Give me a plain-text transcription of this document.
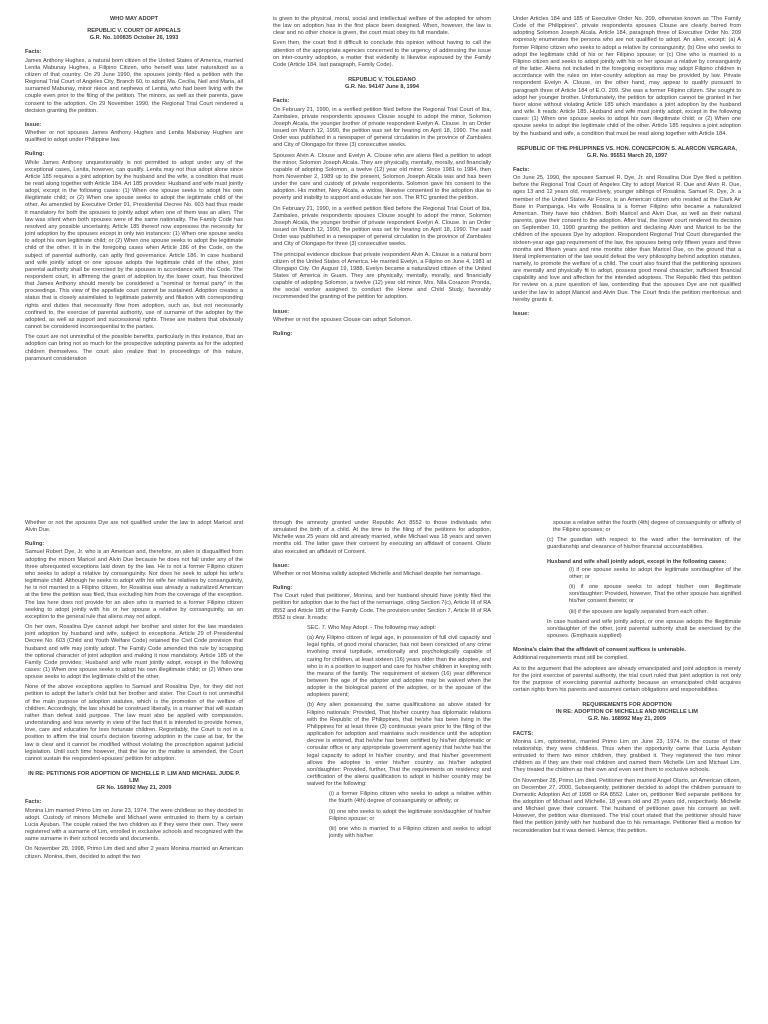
WHO MAY ADOPT

REPUBLIC V. COURT OF APPEALS

G.R. No. 100835 October 26, 1993

Facts:

James Anthony Hughes, a natural born citizen of the United States of America, married Lenita Mabunay Hughes, a Filipino Citizen, who herself was later naturalized as a citizen of that country. On 29 June 1990, the spouses jointly filed a petition with the Regional Trial Court of Angeles City, Branch 60, to adopt Ma. Cecilia, Neil and Maria, all surnamed Mabunay, minor niece and nephews of Lenita, who had been living with the couple even prior to the filing of the petition. The minors, as well as their parents, gave consent to the adoption. On 29 November 1990, the Regional Trial Court rendered a decision granting the petition.

Issue:

Whether or not spouses James Anthony Hughes and Lenita Mabunay Hughes are qualified to adopt under Philippine law.

Ruling:

While James Anthony unquestionably is not permitted to adopt under any of the exceptional cases, Lenita, however, can qualify. Lenita may not thus adopt alone since Article 185 requires a joint adoption by the husband and the wife, a condition that must be read along together with Article 184. Art 185 provides: Husband and wife must jointly adopt, except in the following cases: (1) When one spouse seeks to adopt his own illegitimate child; or (2) When one spouse seeks to adopt the legitimate child of the other. As amended by Executive Order 91, Presidential Decree No. 603 had thus made it mandatory for both the spouses to jointly adopt when one of them was an alien. The law was silent when both spouses were of the same nationality. The Family Code has resolved any possible uncertainty. Article 185 thereof now expresses the necessity for joint adoption by the spouses except in only two instances: (1) When one spouse seeks to adopt his own legitimate child; or (2) When one spouse seeks to adopt the legitimate child of the other. It is in the foregoing cases when Article 186 of the Code, on the subject of parental authority, can aptly find governance. Article 186. In case husband and wife jointly adopt or one spouse adopts the legitimate child of the other, joint parental authority shall be exercised by the spouses in accordance with this Code. The respondent court, in affirming the grant of adoption by the lower court, has theorized that James Anthony should merely be considered a "nominal or formal party" in the proceedings. This view of the appellate court cannot be sustained. Adoption creates a status that is closely assimilated to legitimate paternity and filiation with corresponding rights and duties that necessarily flow from adoption, such as, but not necessarily confined to, the exercise of parental authority, use of surname of the adopter by the adopted, as well as support and successional rights. These are matters that obviously cannot be considered inconsequential to the parties.

The court are not unmindful of the possible benefits, particularly in this instance, that an adoption can bring not so much for the prospective adopting parents as for the adopted children themselves. The court also realize that in proceedings of this nature, paramount consideration

is given to the physical, moral, social and intellectual welfare of the adopted for whom the law on adoption has in the first place been designed. When, however, the law is clear and no other choice is given, the court must obey its full mandate.

Even then, the court find it difficult to conclude this opinion without having to call the attention of the appropriate agencies concerned to the urgency of addressing the issue on inter-country adoption, a matter that evidently is likewise espoused by the Family Code (Article 184, last paragraph, Family Code).

REPUBLIC V. TOLEDANO

G.R. No. 94147 June 8, 1994

Facts:

On February 21, 1990, in a verified petition filed before the Regional Trial Court of Iba, Zambales, private respondents spouses Clouse sought to adopt the minor, Solomon Joseph Alcala, the younger brother of private respondent Evelyn A. Clouse. In an Order issued on March 12, 1990, the petition was set for hearing on April 18, 1990. The said Order was published in a newspaper of general circulation in the province of Zambales and City of Olongapo for three (3) consecutive weeks.

Spouses Alvin A. Clouse and Evelyn A. Clouse who are aliens filed a petition to adopt the minor, Solomon Joseph Alcala. They are physically, mentally, morally, and financially capable of adopting Solomon, a twelve (12) year old minor. Since 1981 to 1984, then from November 2, 1989 up to the present, Solomon Joseph Alcala was and has been under the care and custody of private respondents. Solomon gave his consent to the adoption. His mother, Nery Alcala, a widow, likewise consented to the adoption due to poverty and inability to support and educate her son. The RTC granted the petition.

On February 21, 1990, in a verified petition filed before the Regional Trial Court of Iba, Zambales, private respondents spouses Clouse sought to adopt the minor, Solomon Joseph Alcala, the younger brother of private respondent Evelyn A. Clouse. In an Order issued on March 12, 1990, the petition was set for hearing on April 18, 1990. The said Order was published in a newspaper of general circulation in the province of Zambales and City of Olongapo for three (3) consecutive weeks.

The principal evidence disclose that private respondent Alvin A. Clouse is a natural born citizen of the United States of America. He married Evelyn, a Filipino on June 4, 1981 at Olongapo City. On August 19, 1988, Evelyn became a naturalized citizen of the United States of America in Guam. They are physically, mentally, morally, and financially capable of adopting Solomon, a twelve (12) year old minor. Mrs. Nila Corazon Pronda, the social worker assigned to conduct the Home and Child Study, favorably recommended the granting of the petition for adoption.

Issue:

Whether or not the spouses Clouse can adopt Solomon.

Ruling:

Under Articles 184 and 185 of Executive Order No. 209, otherwise known as "The Family Code of the Philippines", private respondents spouses Clouse are clearly barred from adopting Solomon Joseph Alcala. Article 184, paragraph three of Executive Order No. 209 expressly enumerates the persons who are not qualified to adopt. An alien, except: (a) A former Filipino citizen who seeks to adopt a relative by consanguinity; (b) One who seeks to adopt the legitimate child of his or her Filipino spouse; or (c) One who is married to a Filipino citizen and seeks to adopt jointly with his or her spouse a relative by consanguinity of the latter. Aliens not included in the foregoing exceptions may adopt Filipino children in accordance with the rules on inter-country adoption as may be provided by law. Private respondent Evelyn A. Clouse, on the other hand, may appear to qualify pursuant to paragraph three of Article 184 of E.O. 209. She was a former Filipino citizen. She sought to adopt her younger brother. Unfortunately, the petition for adoption cannot be granted in her favor alone without violating Article 185 which mandates a joint adoption by the husband and wife. It reads: Article 185. Husband and wife must jointly adopt, except in the following cases: (1) When one spouse seeks to adopt his own illegitimate child; or (2) When one spouse seeks to adopt the legitimate child of the other. Article 185 requires a joint adoption by the husband and wife, a condition that must be read along together with Article 184.

REPUBLIC OF THE PHILIPPINES VS. HON. CONCEPCION S. ALARCON VERGARA,

G.R. No. 95551 March 20, 1997

Facts:

On June 25, 1990, the spouses Samuel R. Dye, Jr. and Rosalina Due Dye filed a petition before the Regional Trial Court of Angeles City to adopt Maricel R. Due and Alvin R. Due, ages 13 and 12 years old, respectively, younger siblings of Rosalina. Samuel R. Dye, Jr. a member of the United States Air Force, is an American citizen who resided at the Clark Air Base in Pampanga. His wife Rosalina is a former Filipino who became a naturalized American. They have two children. Both Maricel and Alvin Due, as well as their natural parents, gave their consent to the adoption. After trial, the lower court rendered its decision on September 10, 1990 granting the petition and declaring Alvin and Maricel to be the children of the spouses Dye by adoption. Respondent Regional Trial Court disregarded the sixteen-year age gap requirement of the law, the spouses being only fifteen years and three months and fifteen years and nine months older than Maricel Due, on the ground that a literal implementation of the law would defeat the very philosophy behind adoption statutes, namely, to promote the welfare of a child. The court also found that the petitioning spouses are mentally and physically fit to adopt, possess good moral character, sufficient financial capability and love and affection for the intended adoptees. The Republic filed this petition for review on a pure question of law, contending that the spouses Dye are not qualified under the law to adopt Maricel and Alvin Due. The Court finds the petition meritorious and hereby grants it.

Issue:

Whether or not the spouses Dye are not qualified under the law to adopt Maricel and Alvin Due.

Ruling:

Samuel Robert Dye, Jr. who is an American and, therefore, an alien is disqualified from adopting the minors Maricel and Alvin Due because he does not fall under any of the three aforequoted exceptions laid down by the law. He is not a former Filipino citizen who seeks to adopt a relative by consanguinity. Nor does he seek to adopt his wife's legitimate child. Although he seeks to adopt with his wife her relatives by consanguinity, he is not married to a Filipino citizen, for Rosalina was already a naturalized American at the time the petition was filed, thus excluding him from the coverage of the exception. The law here does not provide for an alien who is married to a former Filipino citizen seeking to adopt jointly with his or her spouse a relative by consanguinity, as an exception to the general rule that aliens may not adopt.

On her own, Rosalina Dye cannot adopt her brother and sister for the law mandates joint adoption by husband and wife, subject to exceptions. Article 29 of Presidential Decree No. 603 (Child and Youth Welfare Code) retained the Civil Code provision that husband and wife may jointly adopt. The Family Code amended this rule by scrapping the optional character of joint adoption and making it now mandatory. Article 185 of the Family Code provides: Husband and wife must jointly adopt, except in the following cases: (1) When one spouse seeks to adopt his own illegitimate child; or (2) When one spouse seeks to adopt the legitimate child of the other.

None of the above exceptions applies to Samuel and Rosalina Dye, for they did not petition to adopt the latter's child but her brother and sister. The Court is not unmindful of the main purpose of adoption statutes, which is the promotion of the welfare of children. Accordingly, the law should be construed liberally, in a manner that will sustain rather than defeat said purpose. The law must also be applied with compassion, understanding and less severity in view of the fact that it is intended to provide homes, love, care and education for less fortunate children. Regrettably, the Court is not in a position to affirm the trial court's decision favoring adoption in the case at bar, for the law is clear and it cannot be modified without violating the proscription against judicial legislation. Until such time however, that the law on the matter is amended, the Court cannot sustain the respondent-spouses' petition for adoption.

IN RE: PETITIONS FOR ADOPTION OF MICHELLE P. LIM AND MICHAEL JUDE P. LIM

GR No. 168992 May 21, 2009

Facts:

Monina Lim married Primo Lim on June 23, 1974. The were childless so they decided to adopt. Custody of minors Michelle and Michael were entrusted to them by a certain Lucia Ayuban. The couple raised the two children as if they were their own. They were registered with a surname of Lim, enrolled in exclusive schools and recognized with the same surname in their school records and documents.

On November 28, 1998, Primo Lim died and after 2 years Monina married an American citizen. Monina, then, decided to adopt the two

through the amnesty granted under Republic Act 8552 to those individuals who simulated the birth of a child. At the time to the filing of the petitions for adoption, Michelle was 25 years old and already married, while Michael was 18 years and seven months old. The latter gave their consent by executing an affidavit of consent. Olario also executed an affidavit of Consent.

Issue:

Whether or not Monina validly adopted Michelle and Michael despite her remarriage.

Ruling:

The Court ruled that petitioner, Monina, and her husband should have jointly filed the petition for adoption due to the fact of the remarriage, citing Section 7(c), Article III of RA 8552 and Article 185 of the Family Code. The provision under Section 7, Article III of RA 8552 is clear. It reads:

SEC. 7. Who May Adopt. - The following may adopt:

(a) Any Filipino citizen of legal age, in possession of full civil capacity and legal rights, of good moral character, has not been convicted of any crime involving moral turpitude, emotionally and psychologically capable of caring for children, at least sixteen (16) years older than the adoptee, and who is in a position to support and care for his/her children in keeping with the means of the family. The requirement of sixteen (16) year difference between the age of the adopter and adoptee may be waived when the adopter is the biological parent of the adoptee, or is the spouse of the adoptees parent;

(b) Any alien possessing the same qualifications as above stated for Filipino nationals: Provided, That his/her country has diplomatic relations with the Republic of the Philippines, that he/she has been living in the Philippines for at least three (3) continuous years prior to the filing of the application for adoption and maintains such residence until the adoption decree is entered, that he/she has been certified by his/her diplomatic or consular office or any appropriate government agency that he/she has the legal capacity to adopt in his/her country, and that his/her government allows the adoptee to enter his/her country as his/her adopted son/daughter: Provided, further, That the requirements on residency and certification of the aliens qualification to adopt in his/her country may be waived for the following:

(i) a former Filipino citizen who seeks to adopt a relative within the fourth (4th) degree of consanguinity or affinity; or

(ii) one who seeks to adopt the legitimate son/daughter of his/her Filipino spouse; or

(iii) one who is married to a Filipino citizen and seeks to adopt jointly with his/her

spouse a relative within the fourth (4th) degree of consanguinity or affinity of the Filipino spouses; or

(c) The guardian with respect to the ward after the termination of the guardianship and clearance of his/her financial accountabilities.

Husband and wife shall jointly adopt, except in the following cases:

(i) if one spouse seeks to adopt the legitimate son/daughter of the other; or

(ii) if one spouse seeks to adopt his/her own illegitimate son/daughter: Provided, however, That the other spouse has signified his/her consent thereto; or

(iii) if the spouses are legally separated from each other.

In case husband and wife jointly adopt, or one spouse adopts the illegitimate son/daughter of the other, joint parental authority shall be exercised by the spouses. (Emphasis supplied)

Monina's claim that the affidavit of consent suffices is untenable.

Additional requirements must still be complied.

As to the argument that the adoptees are already emancipated and joint adoption is merely for the joint exercise of parental authority, the trial court ruled that joint adoption is not only for the purpose of exercising parental authority because an emancipated child acquires certain rights from his parents and assumes certain obligations and responsibilities.

REQUIREMENTS FOR ADOPTION

IN RE: ADOPTION OF MICHELLE AND MICHELLE LIM

G.R. No. 168992 May 21, 2009

FACTS:

Monina Lim, optometrist, married Primo Lim on June 23, 1974. In the course of their relationship, they were childless. Thus when the opportunity came that Lucia Ayuban entrusted to them two minor children, they grabbed it. They registered the two minor children as if they are their real children and named them Michelle Lim and Michael Lim. They treated the children as their own and even sent them to exclusive schools.

On November 28, Primo Lim died. Petitioner then married Angel Olario, an American citizen, on December 27, 2000. Subsequently, petitioner decided to adopt the children pursuant to Domestic Adoption Act of 1998 or RA 8552. Later on, petitioner filed separate petitions for the adoption of Michael and Michelle, 18 years old and 25 years old, respectively. Michelle and Michael gave their consent. The husband of petitioner gave his consent as well. However, the petition was dismissed. The trial court stated that the petitioner should have filed the petition jointly with her husband due to his remarriage. Petitioner filed a motion for reconsideration but it was denied. Hence, this petition.
